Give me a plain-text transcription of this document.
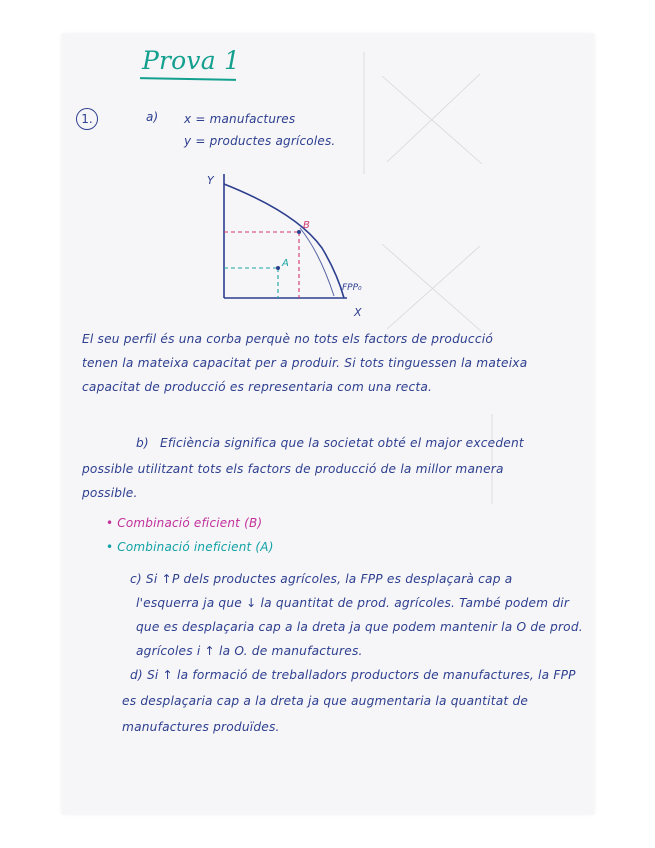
Prova 1
1.	a) x = manufactures
y = productes agrícoles.
Y
X
B
A
FPP₀
El seu perfil és una corba perquè no tots els factors de producció
tenen la mateixa capacitat per a produir. Si tots tinguessen la mateixa
capacitat de producció es representaria com una recta.
b) Eficiència significa que la societat obté el major excedent
possible utilitzant tots els factors de producció de la millor manera
possible.
• Combinació eficient (B)
• Combinació ineficient (A)
c) Si ↑P dels productes agrícoles, la FPP es desplaçarà cap a
l'esquerra ja que ↓ la quantitat de prod. agrícoles. També podem dir
que es desplaçaria cap a la dreta ja que podem mantenir la O de prod.
agrícoles i ↑ la O. de manufactures.
d) Si ↑ la formació de treballadors productors de manufactures, la FPP
es desplaçaria cap a la dreta ja que augmentaria la quantitat de
manufactures produïdes.
